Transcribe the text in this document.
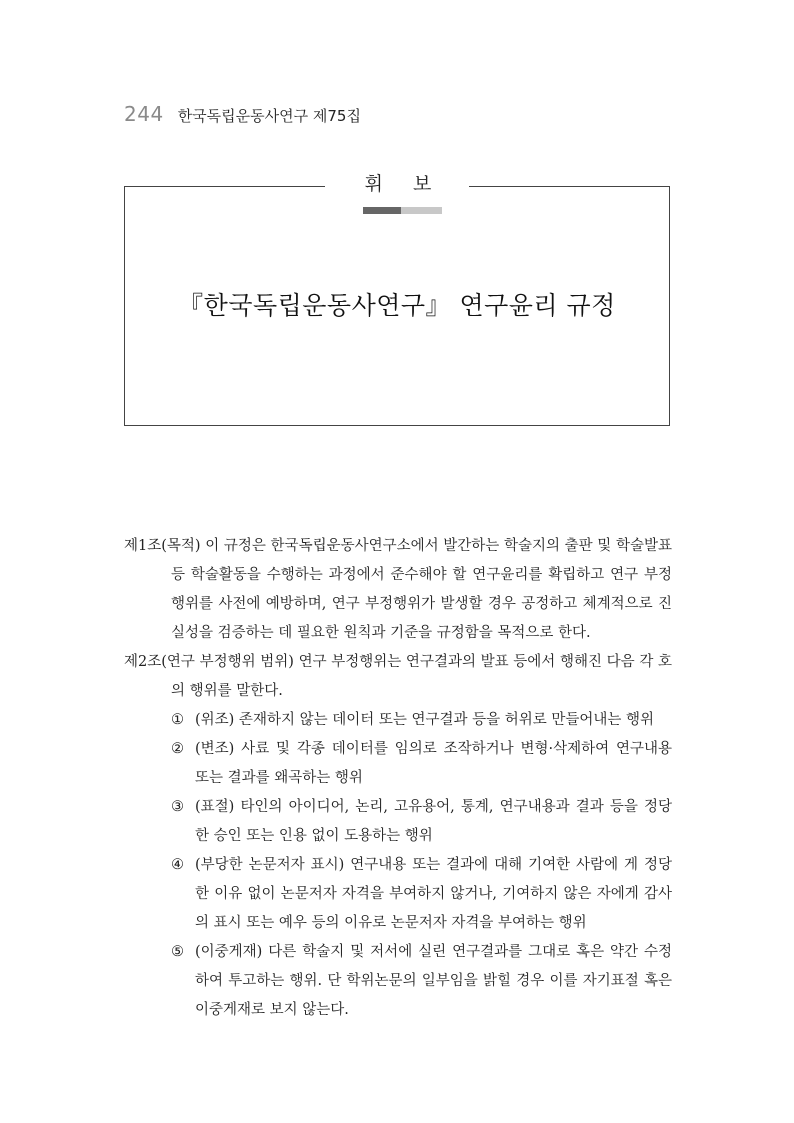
244 한국독립운동사연구 제75집
휘보
『한국독립운동사연구』 연구윤리 규정
제1조(목적) 이 규정은 한국독립운동사연구소에서 발간하는 학술지의 출판 및 학술발표 등 학술활동을 수행하는 과정에서 준수해야 할 연구윤리를 확립하고 연구 부정행위를 사전에 예방하며, 연구 부정행위가 발생할 경우 공정하고 체계적으로 진실성을 검증하는 데 필요한 원칙과 기준을 규정함을 목적으로 한다.
제2조(연구 부정행위 범위) 연구 부정행위는 연구결과의 발표 등에서 행해진 다음 각 호의 행위를 말한다.
① (위조) 존재하지 않는 데이터 또는 연구결과 등을 허위로 만들어내는 행위
② (변조) 사료 및 각종 데이터를 임의로 조작하거나 변형·삭제하여 연구내용 또는 결과를 왜곡하는 행위
③ (표절) 타인의 아이디어, 논리, 고유용어, 통계, 연구내용과 결과 등을 정당한 승인 또는 인용 없이 도용하는 행위
④ (부당한 논문저자 표시) 연구내용 또는 결과에 대해 기여한 사람에 게 정당한 이유 없이 논문저자 자격을 부여하지 않거나, 기여하지 않은 자에게 감사의 표시 또는 예우 등의 이유로 논문저자 자격을 부여하는 행위
⑤ (이중게재) 다른 학술지 및 저서에 실린 연구결과를 그대로 혹은 약간 수정하여 투고하는 행위. 단 학위논문의 일부임을 밝힐 경우 이를 자기표절 혹은 이중게재로 보지 않는다.
